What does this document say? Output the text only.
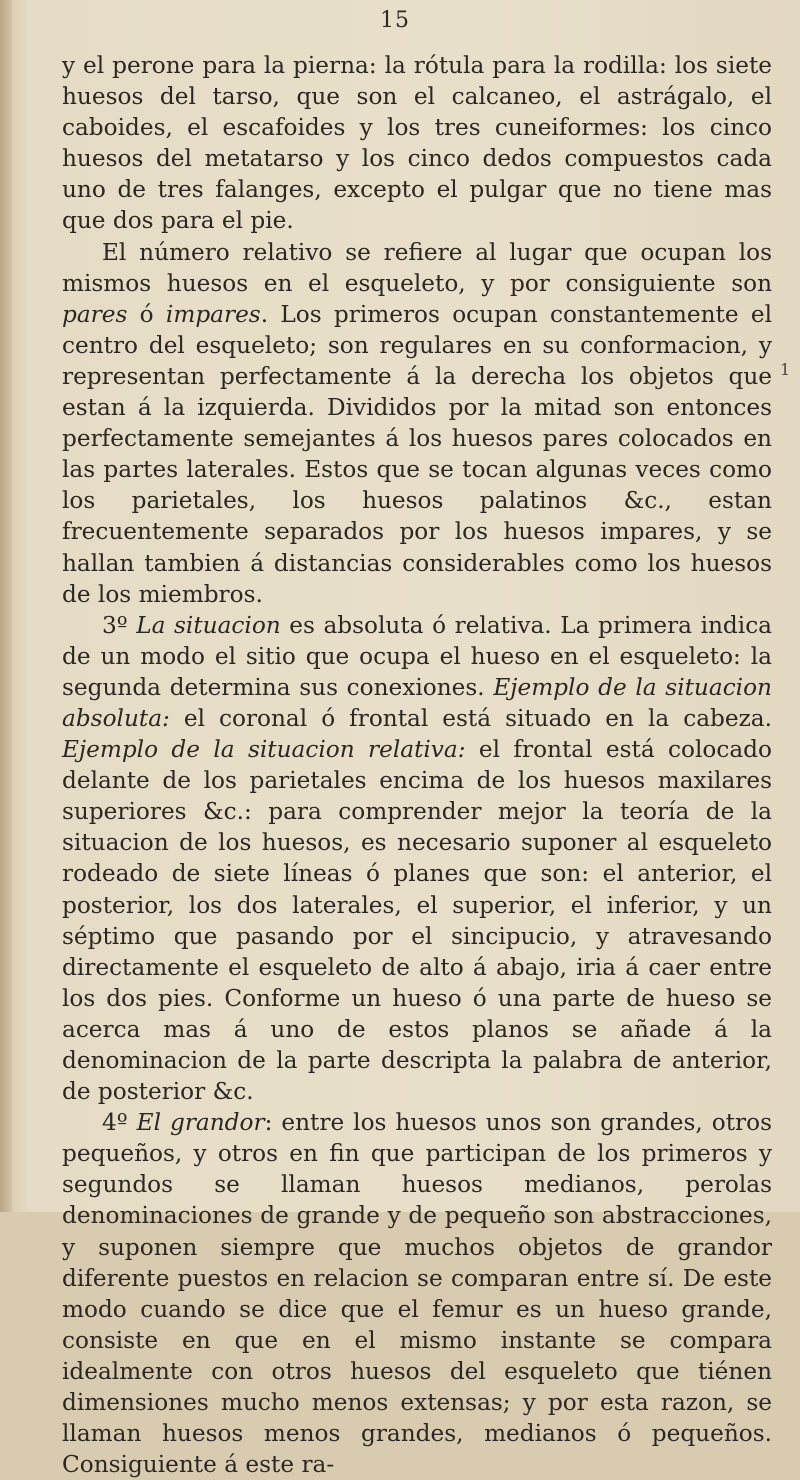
15
1

y el perone para la pierna: la rótula para la rodilla: los siete huesos del tarso, que son el calcaneo, el astrágalo, el caboides, el escafoides y los tres cuneiformes: los cinco huesos del metatarso y los cinco dedos compuestos cada uno de tres falanges, excepto el pulgar que no tiene mas que dos para el pie.

El número relativo se refiere al lugar que ocupan los mismos huesos en el esqueleto, y por consiguiente son pares ó impares. Los primeros ocupan constantemente el centro del esqueleto; son regulares en su conformacion, y representan perfectamente á la derecha los objetos que estan á la izquierda. Divididos por la mitad son entonces perfectamente semejantes á los huesos pares colocados en las partes laterales. Estos que se tocan algunas veces como los parietales, los huesos palatinos &c., estan frecuentemente separados por los huesos impares, y se hallan tambien á distancias considerables como los huesos de los miembros.

3º La situacion es absoluta ó relativa. La primera indica de un modo el sitio que ocupa el hueso en el esqueleto: la segunda determina sus conexiones. Ejemplo de la situacion absoluta: el coronal ó frontal está situado en la cabeza. Ejemplo de la situacion relativa: el frontal está colocado delante de los parietales encima de los huesos maxilares superiores &c.: para comprender mejor la teoría de la situacion de los huesos, es necesario suponer al esqueleto rodeado de siete líneas ó planes que son: el anterior, el posterior, los dos laterales, el superior, el inferior, y un séptimo que pasando por el sincipucio, y atravesando directamente el esqueleto de alto á abajo, iria á caer entre los dos pies. Conforme un hueso ó una parte de hueso se acerca mas á uno de estos planos se añade á la denominacion de la parte descripta la palabra de anterior, de posterior &c.

4º El grandor: entre los huesos unos son grandes, otros pequeños, y otros en fin que participan de los primeros y segundos se llaman huesos medianos, perolas denominaciones de grande y de pequeño son abstracciones, y suponen siempre que muchos objetos de grandor diferente puestos en relacion se comparan entre sí. De este modo cuando se dice que el femur es un hueso grande, consiste en que en el mismo instante se compara idealmente con otros huesos del esqueleto que tiénen dimensiones mucho menos extensas; y por esta razon, se llaman huesos menos grandes, medianos ó pequeños. Consiguiente á este ra-
